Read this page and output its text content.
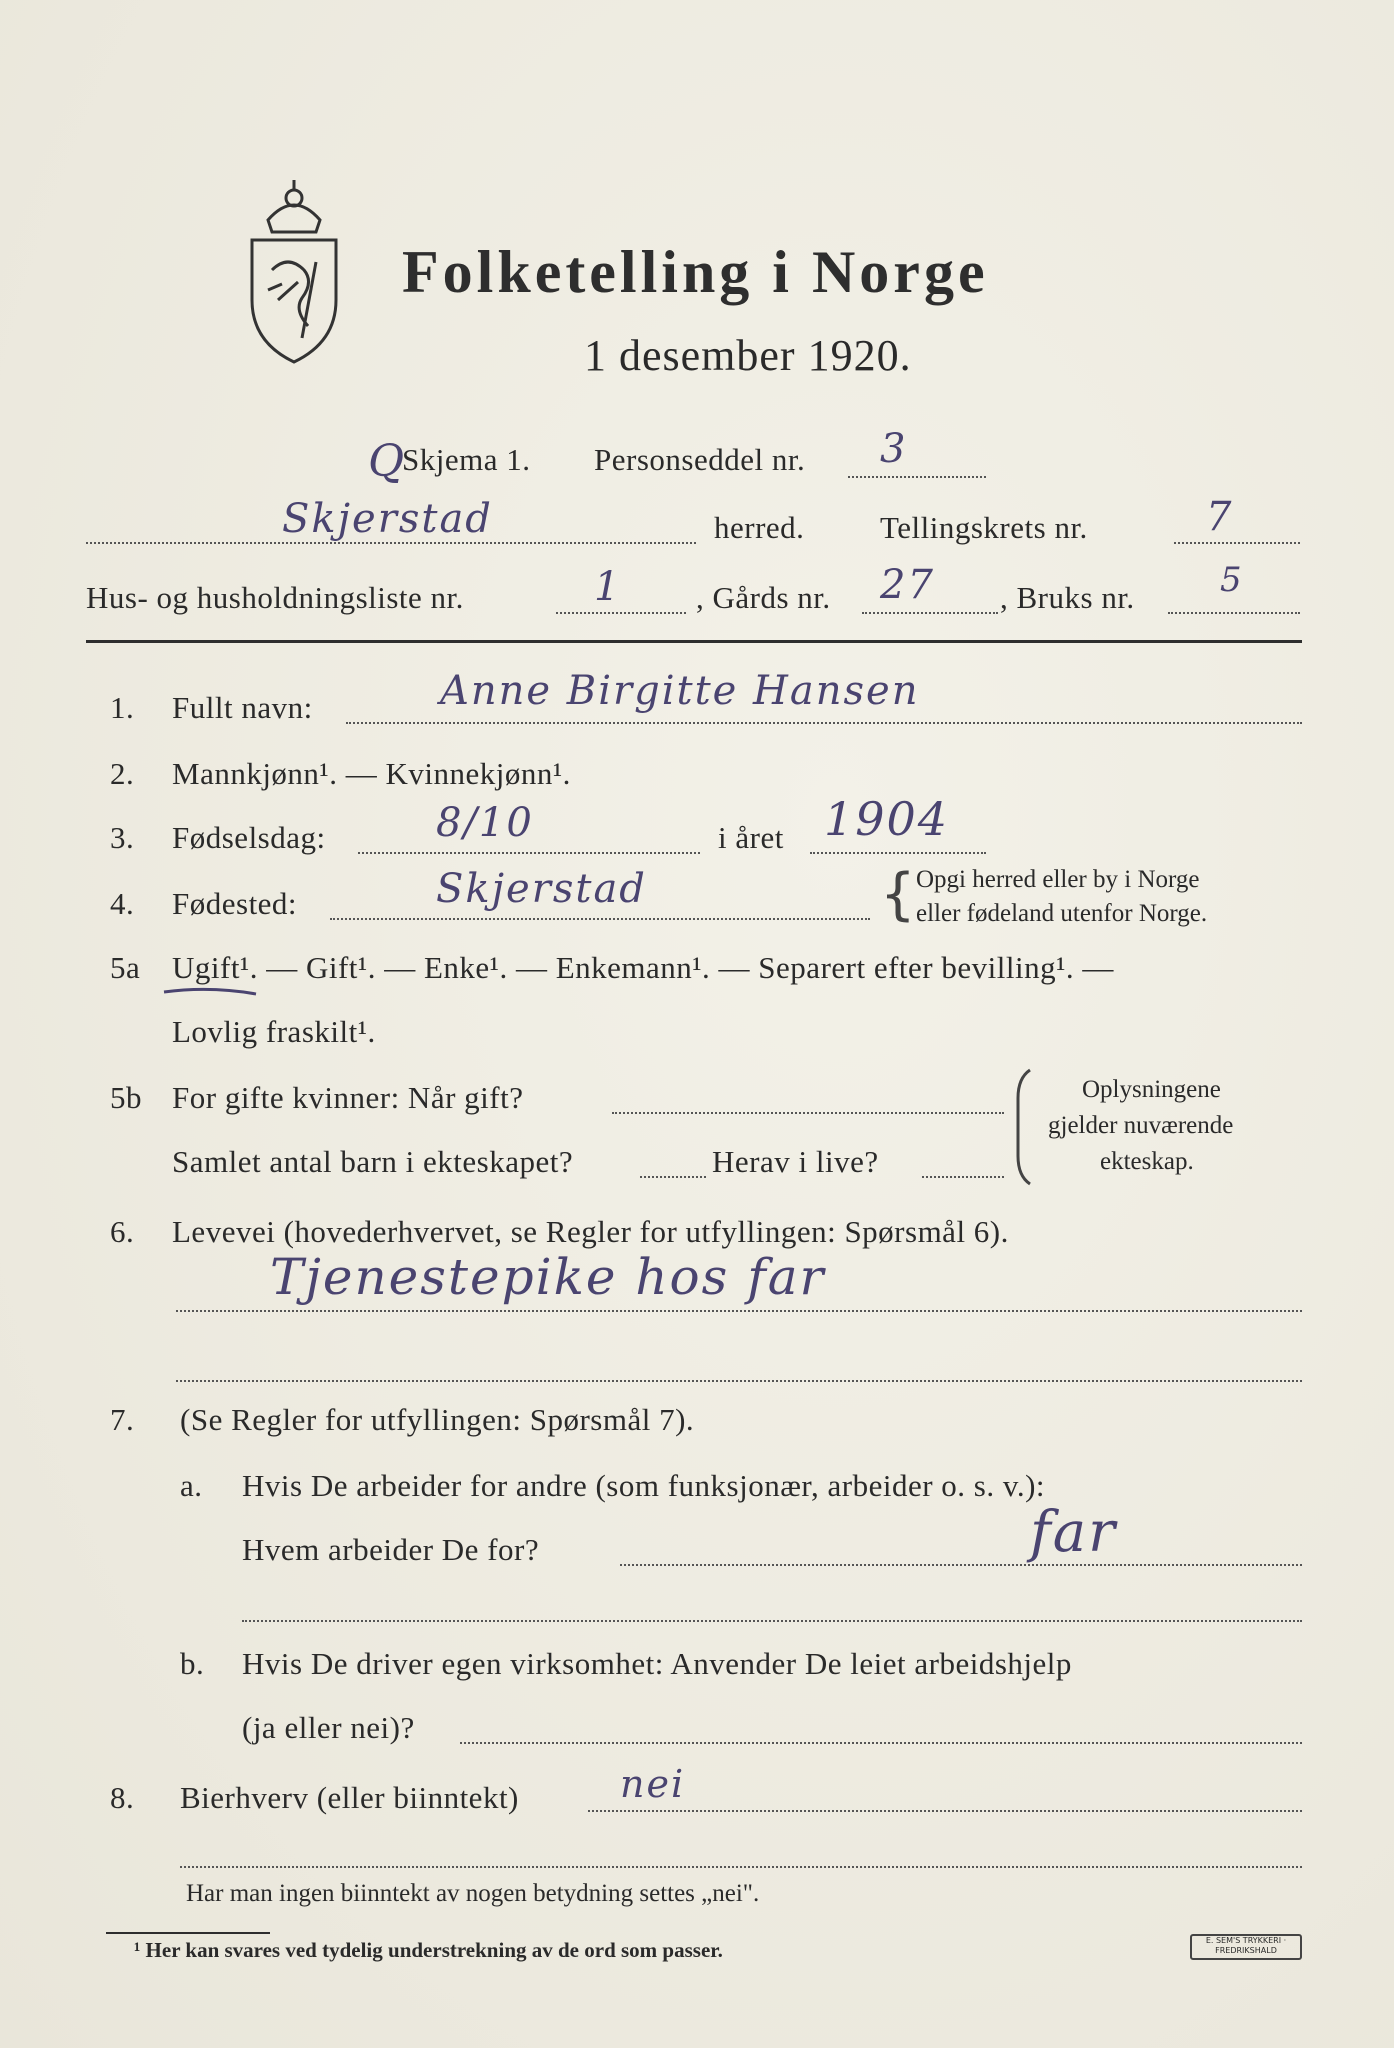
Folketelling i Norge
1 desember 1920.
Q
Skjema 1. Personseddel nr. 3
Skjerstad	herred. Tellingskrets nr.	7
Hus- og husholdningsliste nr.	1 , Gårds nr. 27 , Bruks nr.	5
1. Fullt navn:	Anne Birgitte Hansen
2. Mannkjønn¹. — Kvinnekjønn¹.
3. Fødselsdag:	8/10	i året 1904
4. Fødested:	Skjerstad	{ Opgi herred eller by i Norge
eller fødeland utenfor Norge.
5a Ugift¹. — Gift¹. — Enke¹. — Enkemann¹. — Separert efter bevilling¹. —
Lovlig fraskilt¹.
5b For gifte kvinner: Når gift?
Samlet antal barn i ekteskapet?	Herav i live?
Oplysningene
gjelder nuværende
ekteskap.
6. Levevei (hovederhvervet, se Regler for utfyllingen: Spørsmål 6).
Tjenestepike hos far
7. (Se Regler for utfyllingen: Spørsmål 7).
a. Hvis De arbeider for andre (som funksjonær, arbeider o. s. v.):
Hvem arbeider De for?	far
b. Hvis De driver egen virksomhet: Anvender De leiet arbeidshjelp
(ja eller nei)?
8. Bierhverv (eller biinntekt)	nei
Har man ingen biinntekt av nogen betydning settes „nei".
¹ Her kan svares ved tydelig understrekning av de ord som passer.	E. SEM'S TRYKKERI · FREDRIKSHALD
